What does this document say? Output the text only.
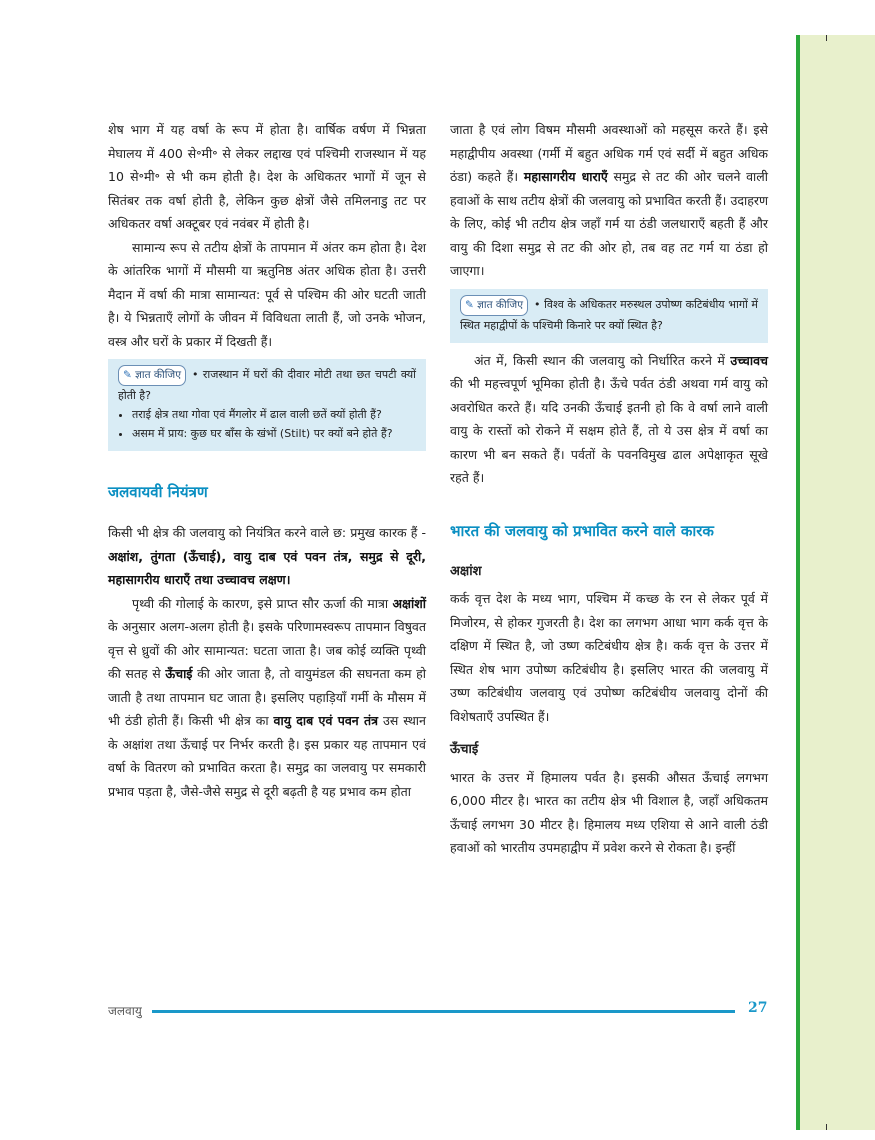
शेष भाग में यह वर्षा के रूप में होता है। वार्षिक वर्षण में भिन्नता मेघालय में 400 से॰मी॰ से लेकर लद्दाख एवं पश्चिमी राजस्थान में यह 10 से॰मी॰ से भी कम होती है। देश के अधिकतर भागों में जून से सितंबर तक वर्षा होती है, लेकिन कुछ क्षेत्रों जैसे तमिलनाडु तट पर अधिकतर वर्षा अक्टूबर एवं नवंबर में होती है।

सामान्य रूप से तटीय क्षेत्रों के तापमान में अंतर कम होता है। देश के आंतरिक भागों में मौसमी या ऋतुनिष्ठ अंतर अधिक होता है। उत्तरी मैदान में वर्षा की मात्रा सामान्यत: पूर्व से पश्चिम की ओर घटती जाती है। ये भिन्नताएँ लोगों के जीवन में विविधता लाती हैं, जो उनके भोजन, वस्त्र और घरों के प्रकार में दिखती हैं।

✎ ज्ञात कीजिए • राजस्थान में घरों की दीवार मोटी तथा छत चपटी क्यों होती है?
• तराई क्षेत्र तथा गोवा एवं मैंगलोर में ढाल वाली छतें क्यों होती हैं?
• असम में प्राय: कुछ घर बाँस के खंभों (Stilt) पर क्यों बने होते हैं?
जलवायवी नियंत्रण

किसी भी क्षेत्र की जलवायु को नियंत्रित करने वाले छ: प्रमुख कारक हैं - अक्षांश, तुंगता (ऊँचाई), वायु दाब एवं पवन तंत्र, समुद्र से दूरी, महासागरीय धाराएँ तथा उच्चावच लक्षण।

पृथ्वी की गोलाई के कारण, इसे प्राप्त सौर ऊर्जा की मात्रा अक्षांशों के अनुसार अलग-अलग होती है। इसके परिणामस्वरूप तापमान विषुवत वृत्त से ध्रुवों की ओर सामान्यत: घटता जाता है। जब कोई व्यक्ति पृथ्वी की सतह से ऊँचाई की ओर जाता है, तो वायुमंडल की सघनता कम हो जाती है तथा तापमान घट जाता है। इसलिए पहाड़ियाँ गर्मी के मौसम में भी ठंडी होती हैं। किसी भी क्षेत्र का वायु दाब एवं पवन तंत्र उस स्थान के अक्षांश तथा ऊँचाई पर निर्भर करती है। इस प्रकार यह तापमान एवं वर्षा के वितरण को प्रभावित करता है। समुद्र का जलवायु पर समकारी प्रभाव पड़ता है, जैसे-जैसे समुद्र से दूरी बढ़ती है यह प्रभाव कम होता

जाता है एवं लोग विषम मौसमी अवस्थाओं को महसूस करते हैं। इसे महाद्वीपीय अवस्था (गर्मी में बहुत अधिक गर्म एवं सर्दी में बहुत अधिक ठंडा) कहते हैं। महासागरीय धाराएँ समुद्र से तट की ओर चलने वाली हवाओं के साथ तटीय क्षेत्रों की जलवायु को प्रभावित करती हैं। उदाहरण के लिए, कोई भी तटीय क्षेत्र जहाँ गर्म या ठंडी जलधाराएँ बहती हैं और वायु की दिशा समुद्र से तट की ओर हो, तब वह तट गर्म या ठंडा हो जाएगा।

✎ ज्ञात कीजिए • विश्व के अधिकतर मरुस्थल उपोष्ण कटिबंधीय भागों में स्थित महाद्वीपों के पश्चिमी किनारे पर क्यों स्थित है?

अंत में, किसी स्थान की जलवायु को निर्धारित करने में उच्चावच की भी महत्त्वपूर्ण भूमिका होती है। ऊँचे पर्वत ठंडी अथवा गर्म वायु को अवरोधित करते हैं। यदि उनकी ऊँचाई इतनी हो कि वे वर्षा लाने वाली वायु के रास्तों को रोकने में सक्षम होते हैं, तो ये उस क्षेत्र में वर्षा का कारण भी बन सकते हैं। पर्वतों के पवनविमुख ढाल अपेक्षाकृत सूखे रहते हैं।

भारत की जलवायु को प्रभावित करने वाले कारक
अक्षांश

कर्क वृत्त देश के मध्य भाग, पश्चिम में कच्छ के रन से लेकर पूर्व में मिजोरम, से होकर गुजरती है। देश का लगभग आधा भाग कर्क वृत्त के दक्षिण में स्थित है, जो उष्ण कटिबंधीय क्षेत्र है। कर्क वृत्त के उत्तर में स्थित शेष भाग उपोष्ण कटिबंधीय है। इसलिए भारत की जलवायु में उष्ण कटिबंधीय जलवायु एवं उपोष्ण कटिबंधीय जलवायु दोनों की विशेषताएँ उपस्थित हैं।

ऊँचाई

भारत के उत्तर में हिमालय पर्वत है। इसकी औसत ऊँचाई लगभग 6,000 मीटर है। भारत का तटीय क्षेत्र भी विशाल है, जहाँ अधिकतम ऊँचाई लगभग 30 मीटर है। हिमालय मध्य एशिया से आने वाली ठंडी हवाओं को भारतीय उपमहाद्वीप में प्रवेश करने से रोकता है। इन्हीं

जलवायु	27
